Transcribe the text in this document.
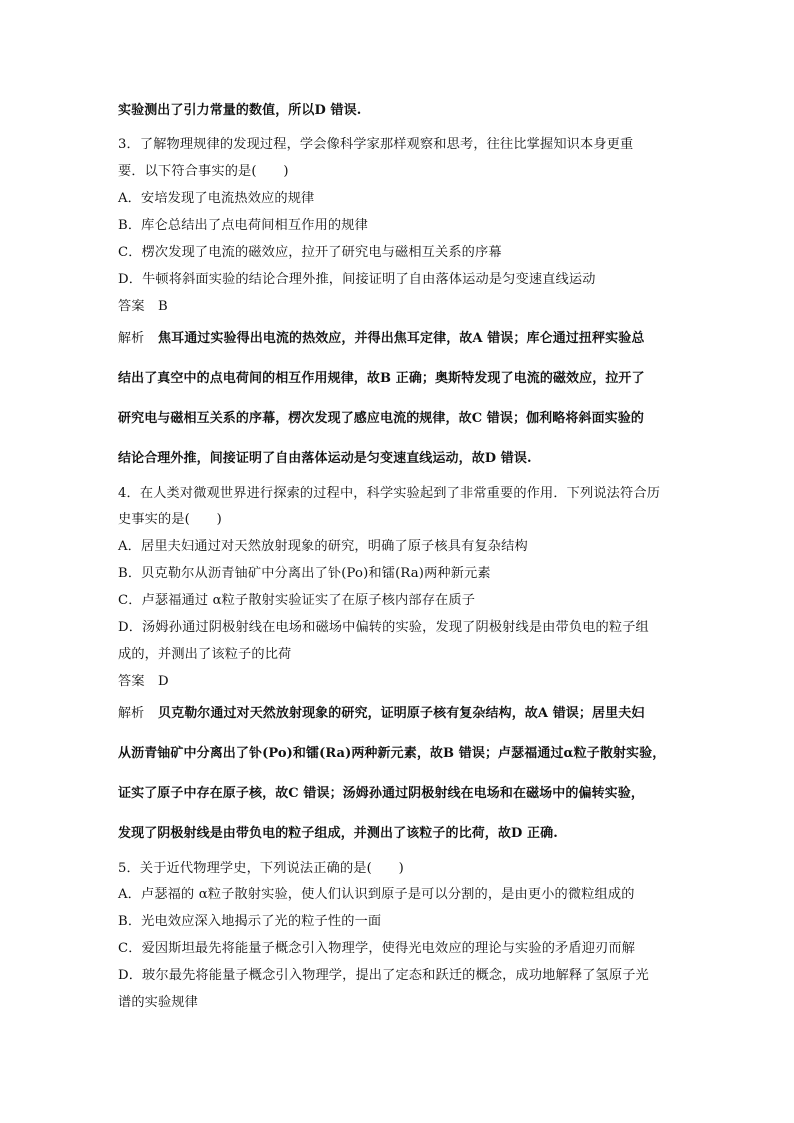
实验测出了引力常量的数值，所以D 错误.
3．了解物理规律的发现过程，学会像科学家那样观察和思考，往往比掌握知识本身更重
要．以下符合事实的是(　　)
A．安培发现了电流热效应的规律
B．库仑总结出了点电荷间相互作用的规律
C．楞次发现了电流的磁效应，拉开了研究电与磁相互关系的序幕
D．牛顿将斜面实验的结论合理外推，间接证明了自由落体运动是匀变速直线运动
答案 B
解析 焦耳通过实验得出电流的热效应，并得出焦耳定律，故A 错误；库仑通过扭秤实验总
结出了真空中的点电荷间的相互作用规律，故B 正确；奥斯特发现了电流的磁效应，拉开了
研究电与磁相互关系的序幕，楞次发现了感应电流的规律，故C 错误；伽利略将斜面实验的
结论合理外推，间接证明了自由落体运动是匀变速直线运动，故D 错误.
4．在人类对微观世界进行探索的过程中，科学实验起到了非常重要的作用．下列说法符合历
史事实的是(　　)
A．居里夫妇通过对天然放射现象的研究，明确了原子核具有复杂结构
B．贝克勒尔从沥青铀矿中分离出了钋(Po)和镭(Ra)两种新元素
C．卢瑟福通过 α粒子散射实验证实了在原子核内部存在质子
D．汤姆孙通过阴极射线在电场和磁场中偏转的实验，发现了阴极射线是由带负电的粒子组
成的，并测出了该粒子的比荷
答案 D
解析 贝克勒尔通过对天然放射现象的研究，证明原子核有复杂结构，故A 错误；居里夫妇
从沥青铀矿中分离出了钋(Po)和镭(Ra)两种新元素，故B 错误；卢瑟福通过α粒子散射实验，
证实了原子中存在原子核，故C 错误；汤姆孙通过阴极射线在电场和在磁场中的偏转实验，
发现了阴极射线是由带负电的粒子组成，并测出了该粒子的比荷，故D 正确.
5．关于近代物理学史，下列说法正确的是(　　)
A．卢瑟福的 α粒子散射实验，使人们认识到原子是可以分割的，是由更小的微粒组成的
B．光电效应深入地揭示了光的粒子性的一面
C．爱因斯坦最先将能量子概念引入物理学，使得光电效应的理论与实验的矛盾迎刃而解
D．玻尔最先将能量子概念引入物理学，提出了定态和跃迁的概念，成功地解释了氢原子光
谱的实验规律
